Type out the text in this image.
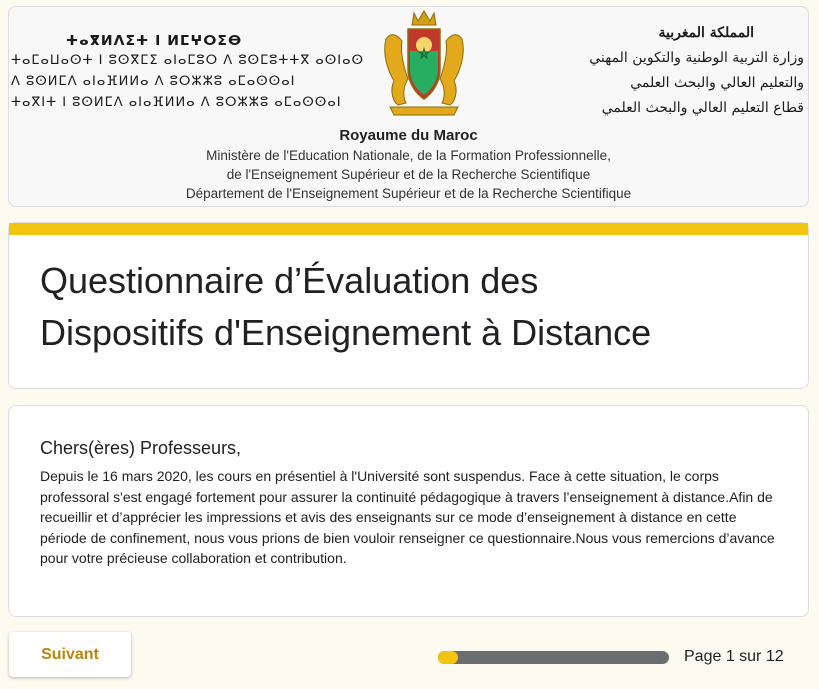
ⵜⴰⴳⵍⴷⵉⵜ ⵏ ⵍⵎⵖⵔⵉⴱ
ⵜⴰⵎⴰⵡⴰⵙⵜ ⵏ ⵓⵙⴳⵎⵉ ⴰⵏⴰⵎⵓⵔ ⴷ ⵓⵙⵎⵓⵜⵜⴳ ⴰⵙⵏⴰⵙ
ⴷ ⵓⵙⵍⵎⴷ ⴰⵏⴰⴼⵍⵍⴰ ⴷ ⵓⵔⵣⵣⵓ ⴰⵎⴰⵙⵙⴰⵏ
ⵜⴰⴳⵏⵜ ⵏ ⵓⵙⵍⵎⴷ ⴰⵏⴰⴼⵍⵍⴰ ⴷ ⵓⵔⵣⵣⵓ ⴰⵎⴰⵙⵙⴰⵏ
المملكة المغربية
وزارة التربية الوطنية والتكوين المهني
والتعليم العالي والبحث العلمي
قطاع التعليم العالي والبحث العلمي
Royaume du Maroc
Ministère de l'Education Nationale, de la Formation Professionnelle,
de l'Enseignement Supérieur et de la Recherche Scientifique
Département de l'Enseignement Supérieur et de la Recherche Scientifique
Questionnaire d’Évaluation des
Dispositifs d'Enseignement à Distance
Chers(ères) Professeurs,
Depuis le 16 mars 2020, les cours en présentiel à l'Université sont suspendus. Face à cette situation, le corps professoral s'est engagé fortement pour assurer la continuité pédagogique à travers l’enseignement à distance.Afin de recueillir et d’apprécier les impressions et avis des enseignants sur ce mode d’enseignement à distance en cette période de confinement, nous vous prions de bien vouloir renseigner ce questionnaire.Nous vous remercions d’avance pour votre précieuse collaboration et contribution.
Suivant	Page 1 sur 12
